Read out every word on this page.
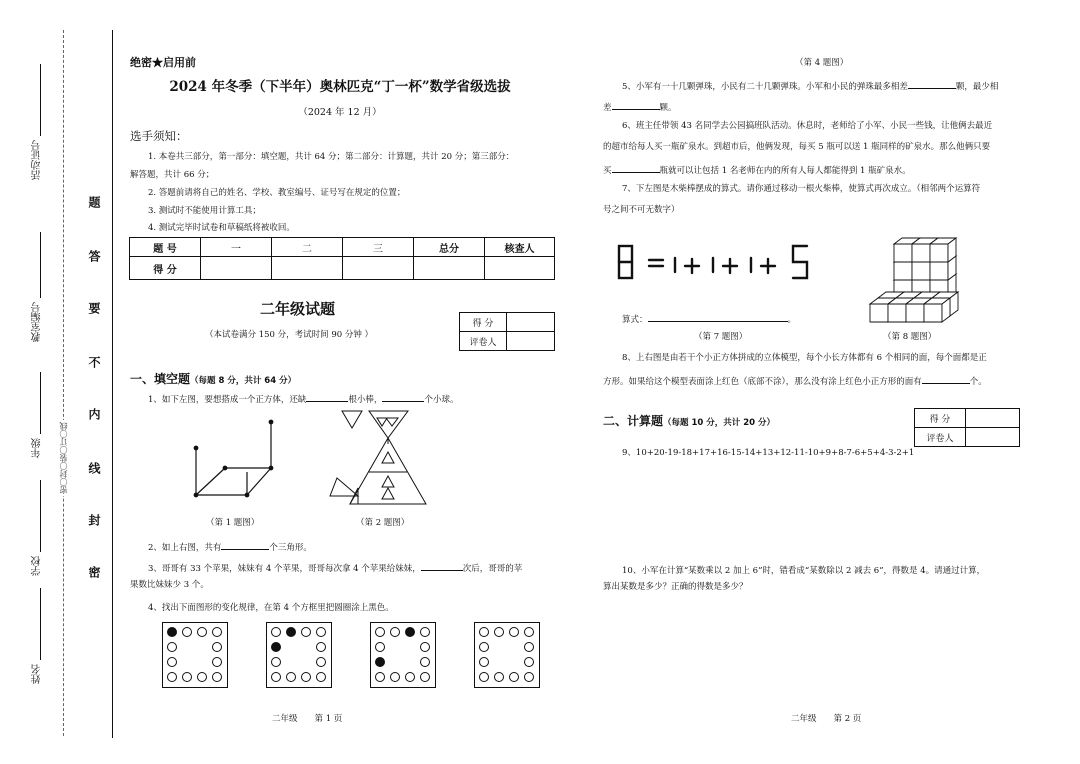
姓名
学校
年级
教室编号
活动证号
密〇封〇装〇订〇线
题
答
要
不
内
线
封
密
绝密★启用前
2024 年冬季（下半年）奥林匹克“丁一杯”数学省级选拔
（2024 年 12 月）
选手须知：
1. 本卷共三部分，第一部分：填空题，共计 64 分；第二部分：计算题，共计 20 分；第三部分：
解答题，共计 66 分；
2. 答题前请将自己的姓名、学校、教室编号、证号写在规定的位置；
3. 测试时不能使用计算工具；
4. 测试完毕时试卷和草稿纸将被收回。
题 号	一	二	三	总分	核查人
得 分					
二年级试题
（本试卷满分 150 分，考试时间 90 分钟 ）
得 分	
评卷人	
一、填空题（每题 8 分，共计 64 分）
1、如下左图，要想搭成一个正方体，还缺	根小棒，	个小球。
（第 1 题图）	（第 2 题图）
2、如上右图，共有	个三角形。
3、哥哥有 33 个苹果，妹妹有 4 个苹果，哥哥每次拿 4 个苹果给妹妹，	次后，哥哥的苹
果数比妹妹少 3 个。
4、找出下面图形的变化规律，在第 4 个方框里把圆圈涂上黑色。
二年级　　第 1 页
（第 4 题图）
5、小军有一十几颗弹珠，小民有二十几颗弹珠。小军和小民的弹珠最多相差	颗，最少相
差	颗。
6、班主任带领 43 名同学去公园搞班队活动。休息时，老师给了小军、小民一些钱，让他俩去最近
的超市给每人买一瓶矿泉水。到超市后，他俩发现，每买 5 瓶可以送 1 瓶同样的矿泉水。那么他俩只要
买	瓶就可以让包括 1 名老师在内的所有人每人都能得到 1 瓶矿泉水。
7、下左图是木柴棒摆成的算式。请你通过移动一根火柴棒，使算式再次成立。（相邻两个运算符
号之间不可无数字）
算式：	。
（第 7 题图）	（第 8 题图）
8、上右图是由若干个小正方体拼成的立体模型，每个小长方体都有 6 个相同的面，每个面都是正
方形。如果给这个模型表面涂上红色（底部不涂），那么没有涂上红色小正方形的面有	个。
二、计算题（每题 10 分，共计 20 分）	得 分	
评卷人	
9、10+20-19-18+17+16-15-14+13+12-11-10+9+8-7-6+5+4-3-2+1
10、小军在计算“某数乘以 2 加上 6”时，错看成“某数除以 2 减去 6”，得数是 4。请通过计算，
算出某数是多少？正确的得数是多少？
二年级　　第 2 页
